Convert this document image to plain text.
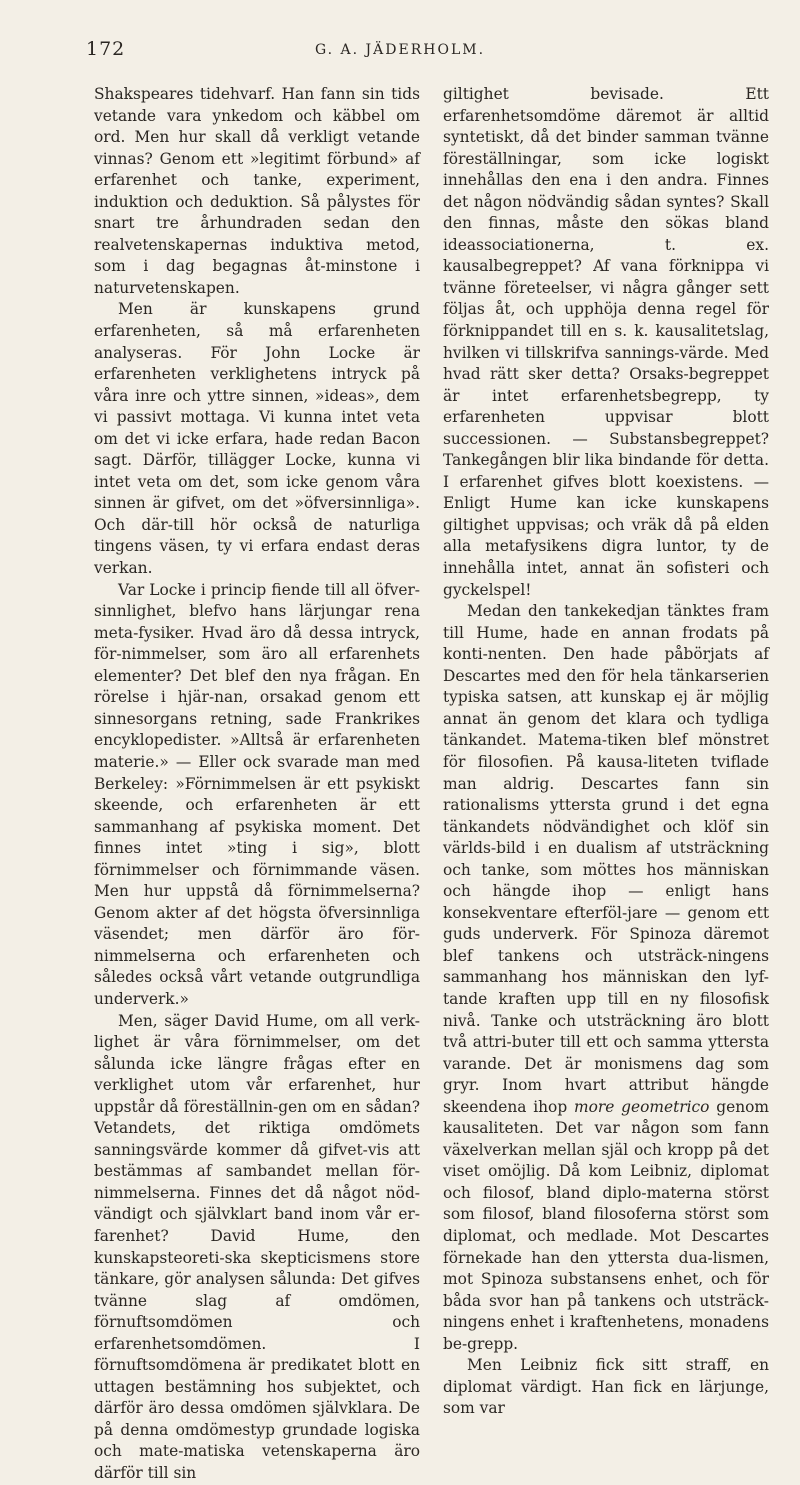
172	G. A. JÄDERHOLM.

Shakspeares tidehvarf. Han fann sin tids vetande vara ynkedom och käbbel om ord. Men hur skall då verkligt vetande vinnas? Genom ett »legitimt förbund» af erfarenhet och tanke, experiment, induktion och deduktion. Så pålystes för snart tre århundraden sedan den realvetenskapernas induktiva metod, som i dag begagnas åt-minstone i naturvetenskapen.

Men är kunskapens grund erfarenheten, så må erfarenheten analyseras. För John Locke är erfarenheten verklighetens intryck på våra inre och yttre sinnen, »ideas», dem vi passivt mottaga. Vi kunna intet veta om det vi icke erfara, hade redan Bacon sagt. Därför, tillägger Locke, kunna vi intet veta om det, som icke genom våra sinnen är gifvet, om det »öfversinnliga». Och där-till hör också de naturliga tingens väsen, ty vi erfara endast deras verkan.

Var Locke i princip fiende till all öfver-sinnlighet, blefvo hans lärjungar rena meta-fysiker. Hvad äro då dessa intryck, för-nimmelser, som äro all erfarenhets elementer? Det blef den nya frågan. En rörelse i hjär-nan, orsakad genom ett sinnesorgans retning, sade Frankrikes encyklopedister. »Alltså är erfarenheten materie.» — Eller ock svarade man med Berkeley: »Förnimmelsen är ett psykiskt skeende, och erfarenheten är ett sammanhang af psykiska moment. Det finnes intet »ting i sig», blott förnimmelser och förnimmande väsen. Men hur uppstå då förnimmelserna? Genom akter af det högsta öfversinnliga väsendet; men därför äro för-nimmelserna och erfarenheten och således också vårt vetande outgrundliga underverk.»

Men, säger David Hume, om all verk-lighet är våra förnimmelser, om det sålunda icke längre frågas efter en verklighet utom vår erfarenhet, hur uppstår då föreställnin-gen om en sådan? Vetandets, det riktiga omdömets sanningsvärde kommer då gifvet-vis att bestämmas af sambandet mellan för-nimmelserna. Finnes det då något nöd-vändigt och självklart band inom vår er-farenhet? David Hume, den kunskapsteoreti-ska skepticismens store tänkare, gör analysen sålunda: Det gifves tvänne slag af omdömen, förnuftsomdömen och erfarenhetsomdömen. I förnuftsomdömena är predikatet blott en uttagen bestämning hos subjektet, och därför äro dessa omdömen självklara. De på denna omdömestyp grundade logiska och mate-matiska vetenskaperna äro därför till sin

giltighet bevisade. Ett erfarenhetsomdöme däremot är alltid syntetiskt, då det binder samman tvänne föreställningar, som icke logiskt innehållas den ena i den andra. Finnes det någon nödvändig sådan syntes? Skall den finnas, måste den sökas bland ideassociationerna, t. ex. kausalbegreppet? Af vana förknippa vi tvänne företeelser, vi några gånger sett följas åt, och upphöja denna regel för förknippandet till en s. k. kausalitetslag, hvilken vi tillskrifva sannings-värde. Med hvad rätt sker detta? Orsaks-begreppet är intet erfarenhetsbegrepp, ty erfarenheten uppvisar blott successionen. — Substansbegreppet? Tankegången blir lika bindande för detta. I erfarenhet gifves blott koexistens. — Enligt Hume kan icke kunskapens giltighet uppvisas; och vräk då på elden alla metafysikens digra luntor, ty de innehålla intet, annat än sofisteri och gyckelspel!

Medan den tankekedjan tänktes fram till Hume, hade en annan frodats på konti-nenten. Den hade påbörjats af Descartes med den för hela tänkarserien typiska satsen, att kunskap ej är möjlig annat än genom det klara och tydliga tänkandet. Matema-tiken blef mönstret för filosofien. På kausa-liteten tviflade man aldrig. Descartes fann sin rationalisms yttersta grund i det egna tänkandets nödvändighet och klöf sin världs-bild i en dualism af utsträckning och tanke, som möttes hos människan och hängde ihop — enligt hans konsekventare efterföl-jare — genom ett guds underverk. För Spinoza däremot blef tankens och utsträck-ningens sammanhang hos människan den lyf-tande kraften upp till en ny filosofisk nivå. Tanke och utsträckning äro blott två attri-buter till ett och samma yttersta varande. Det är monismens dag som gryr. Inom hvart attribut hängde skeendena ihop more geometrico genom kausaliteten. Det var någon som fann växelverkan mellan själ och kropp på det viset omöjlig. Då kom Leibniz, diplomat och filosof, bland diplo-materna störst som filosof, bland filosoferna störst som diplomat, och medlade. Mot Descartes förnekade han den yttersta dua-lismen, mot Spinoza substansens enhet, och för båda svor han på tankens och utsträck-ningens enhet i kraftenhetens, monadens be-grepp.

Men Leibniz fick sitt straff, en diplomat värdigt. Han fick en lärjunge, som var
